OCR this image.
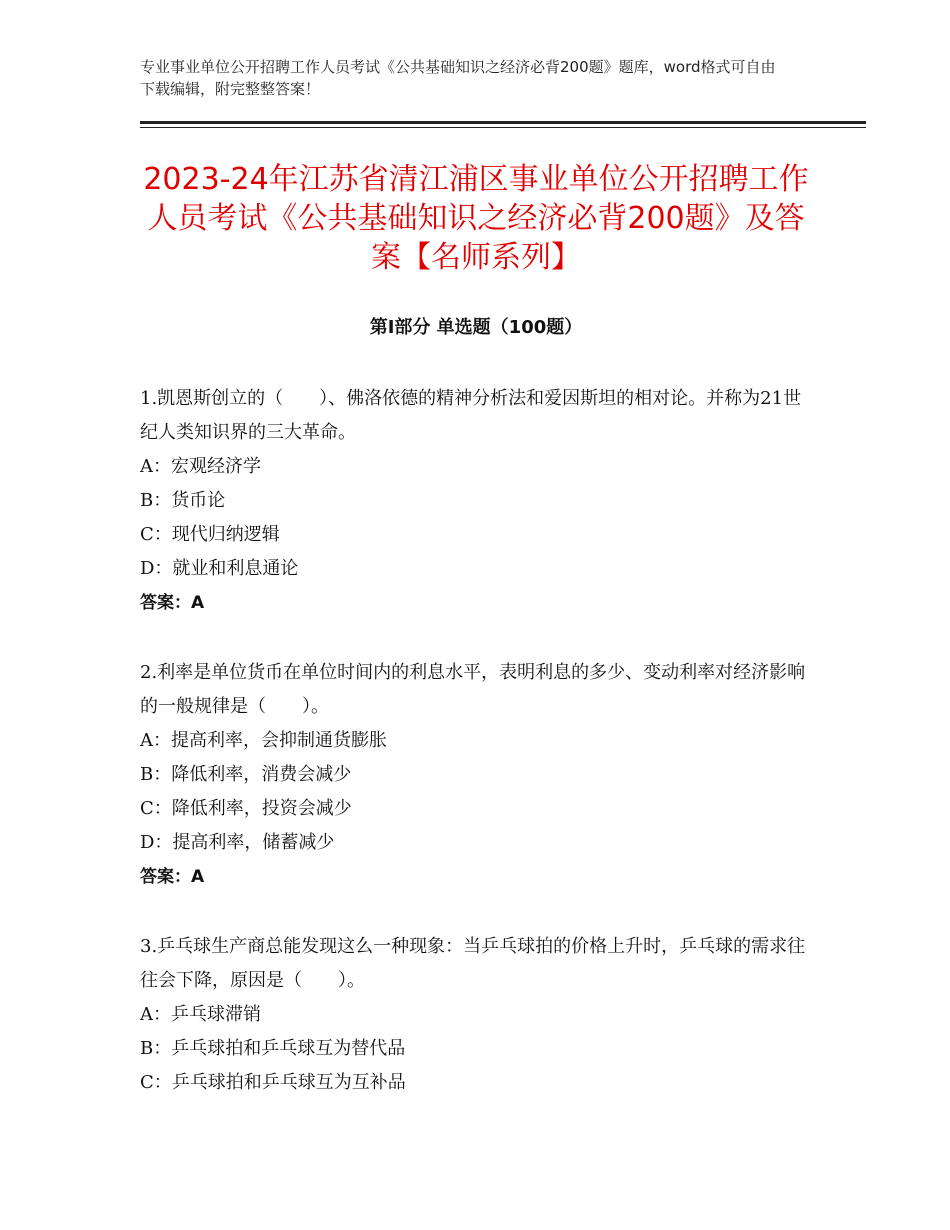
专业事业单位公开招聘工作人员考试《公共基础知识之经济必背200题》题库，word格式可自由下载编辑，附完整整答案！
2023-24年江苏省清江浦区事业单位公开招聘工作人员考试《公共基础知识之经济必背200题》及答案【名师系列】
第Ⅰ部分 单选题（100题）
1.凯恩斯创立的（　　）、佛洛依德的精神分析法和爱因斯坦的相对论。并称为21世纪人类知识界的三大革命。
A：宏观经济学
B：货币论
C：现代归纳逻辑
D：就业和利息通论
答案：A
2.利率是单位货币在单位时间内的利息水平，表明利息的多少、变动利率对经济影响的一般规律是（　　）。
A：提高利率，会抑制通货膨胀
B：降低利率，消费会减少
C：降低利率，投资会减少
D：提高利率，储蓄减少
答案：A
3.乒乓球生产商总能发现这么一种现象：当乒乓球拍的价格上升时，乒乓球的需求往往会下降，原因是（　　）。
A：乒乓球滞销
B：乒乓球拍和乒乓球互为替代品
C：乒乓球拍和乒乓球互为互补品
